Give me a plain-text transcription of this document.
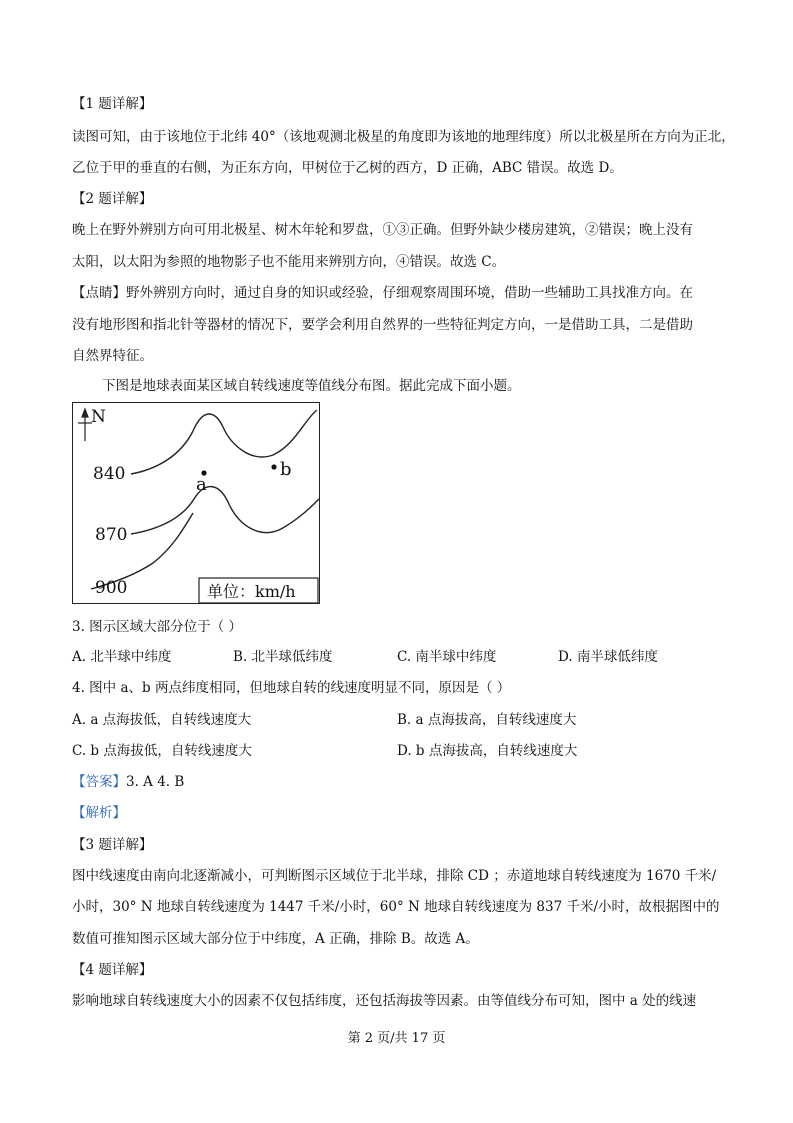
【1 题详解】
读图可知，由于该地位于北纬 40°（该地观测北极星的角度即为该地的地理纬度）所以北极星所在方向为正北，
乙位于甲的垂直的右侧，为正东方向，甲树位于乙树的西方，D 正确，ABC 错误。故选 D。
【2 题详解】
晚上在野外辨别方向可用北极星、树木年轮和罗盘，①③正确。但野外缺少楼房建筑，②错误；晚上没有
太阳，以太阳为参照的地物影子也不能用来辨别方向，④错误。故选 C。
【点睛】野外辨别方向时，通过自身的知识或经验，仔细观察周围环境，借助一些辅助工具找准方向。在
没有地形图和指北针等器材的情况下，要学会利用自然界的一些特征判定方向，一是借助工具，二是借助
自然界特征。
下图是地球表面某区域自转线速度等值线分布图。据此完成下面小题。
N
840
870
900
a
b
单位：km/h
3. 图示区域大部分位于（ ）
A. 北半球中纬度	B. 北半球低纬度	C. 南半球中纬度	D. 南半球低纬度
4. 图中 a、b 两点纬度相同，但地球自转的线速度明显不同，原因是（ ）
A. a 点海拔低，自转线速度大	B. a 点海拔高，自转线速度大
C. b 点海拔低，自转线速度大	D. b 点海拔高，自转线速度大
【答案】3. A 4. B
【解析】
【3 题详解】
图中线速度由南向北逐渐减小，可判断图示区域位于北半球，排除 CD ；赤道地球自转线速度为 1670 千米/
小时，30° N 地球自转线速度为 1447 千米/小时，60° N 地球自转线速度为 837 千米/小时，故根据图中的
数值可推知图示区域大部分位于中纬度，A 正确，排除 B。故选 A。
【4 题详解】
影响地球自转线速度大小的因素不仅包括纬度，还包括海拔等因素。由等值线分布可知，图中 a 处的线速
第 2 页/共 17 页
